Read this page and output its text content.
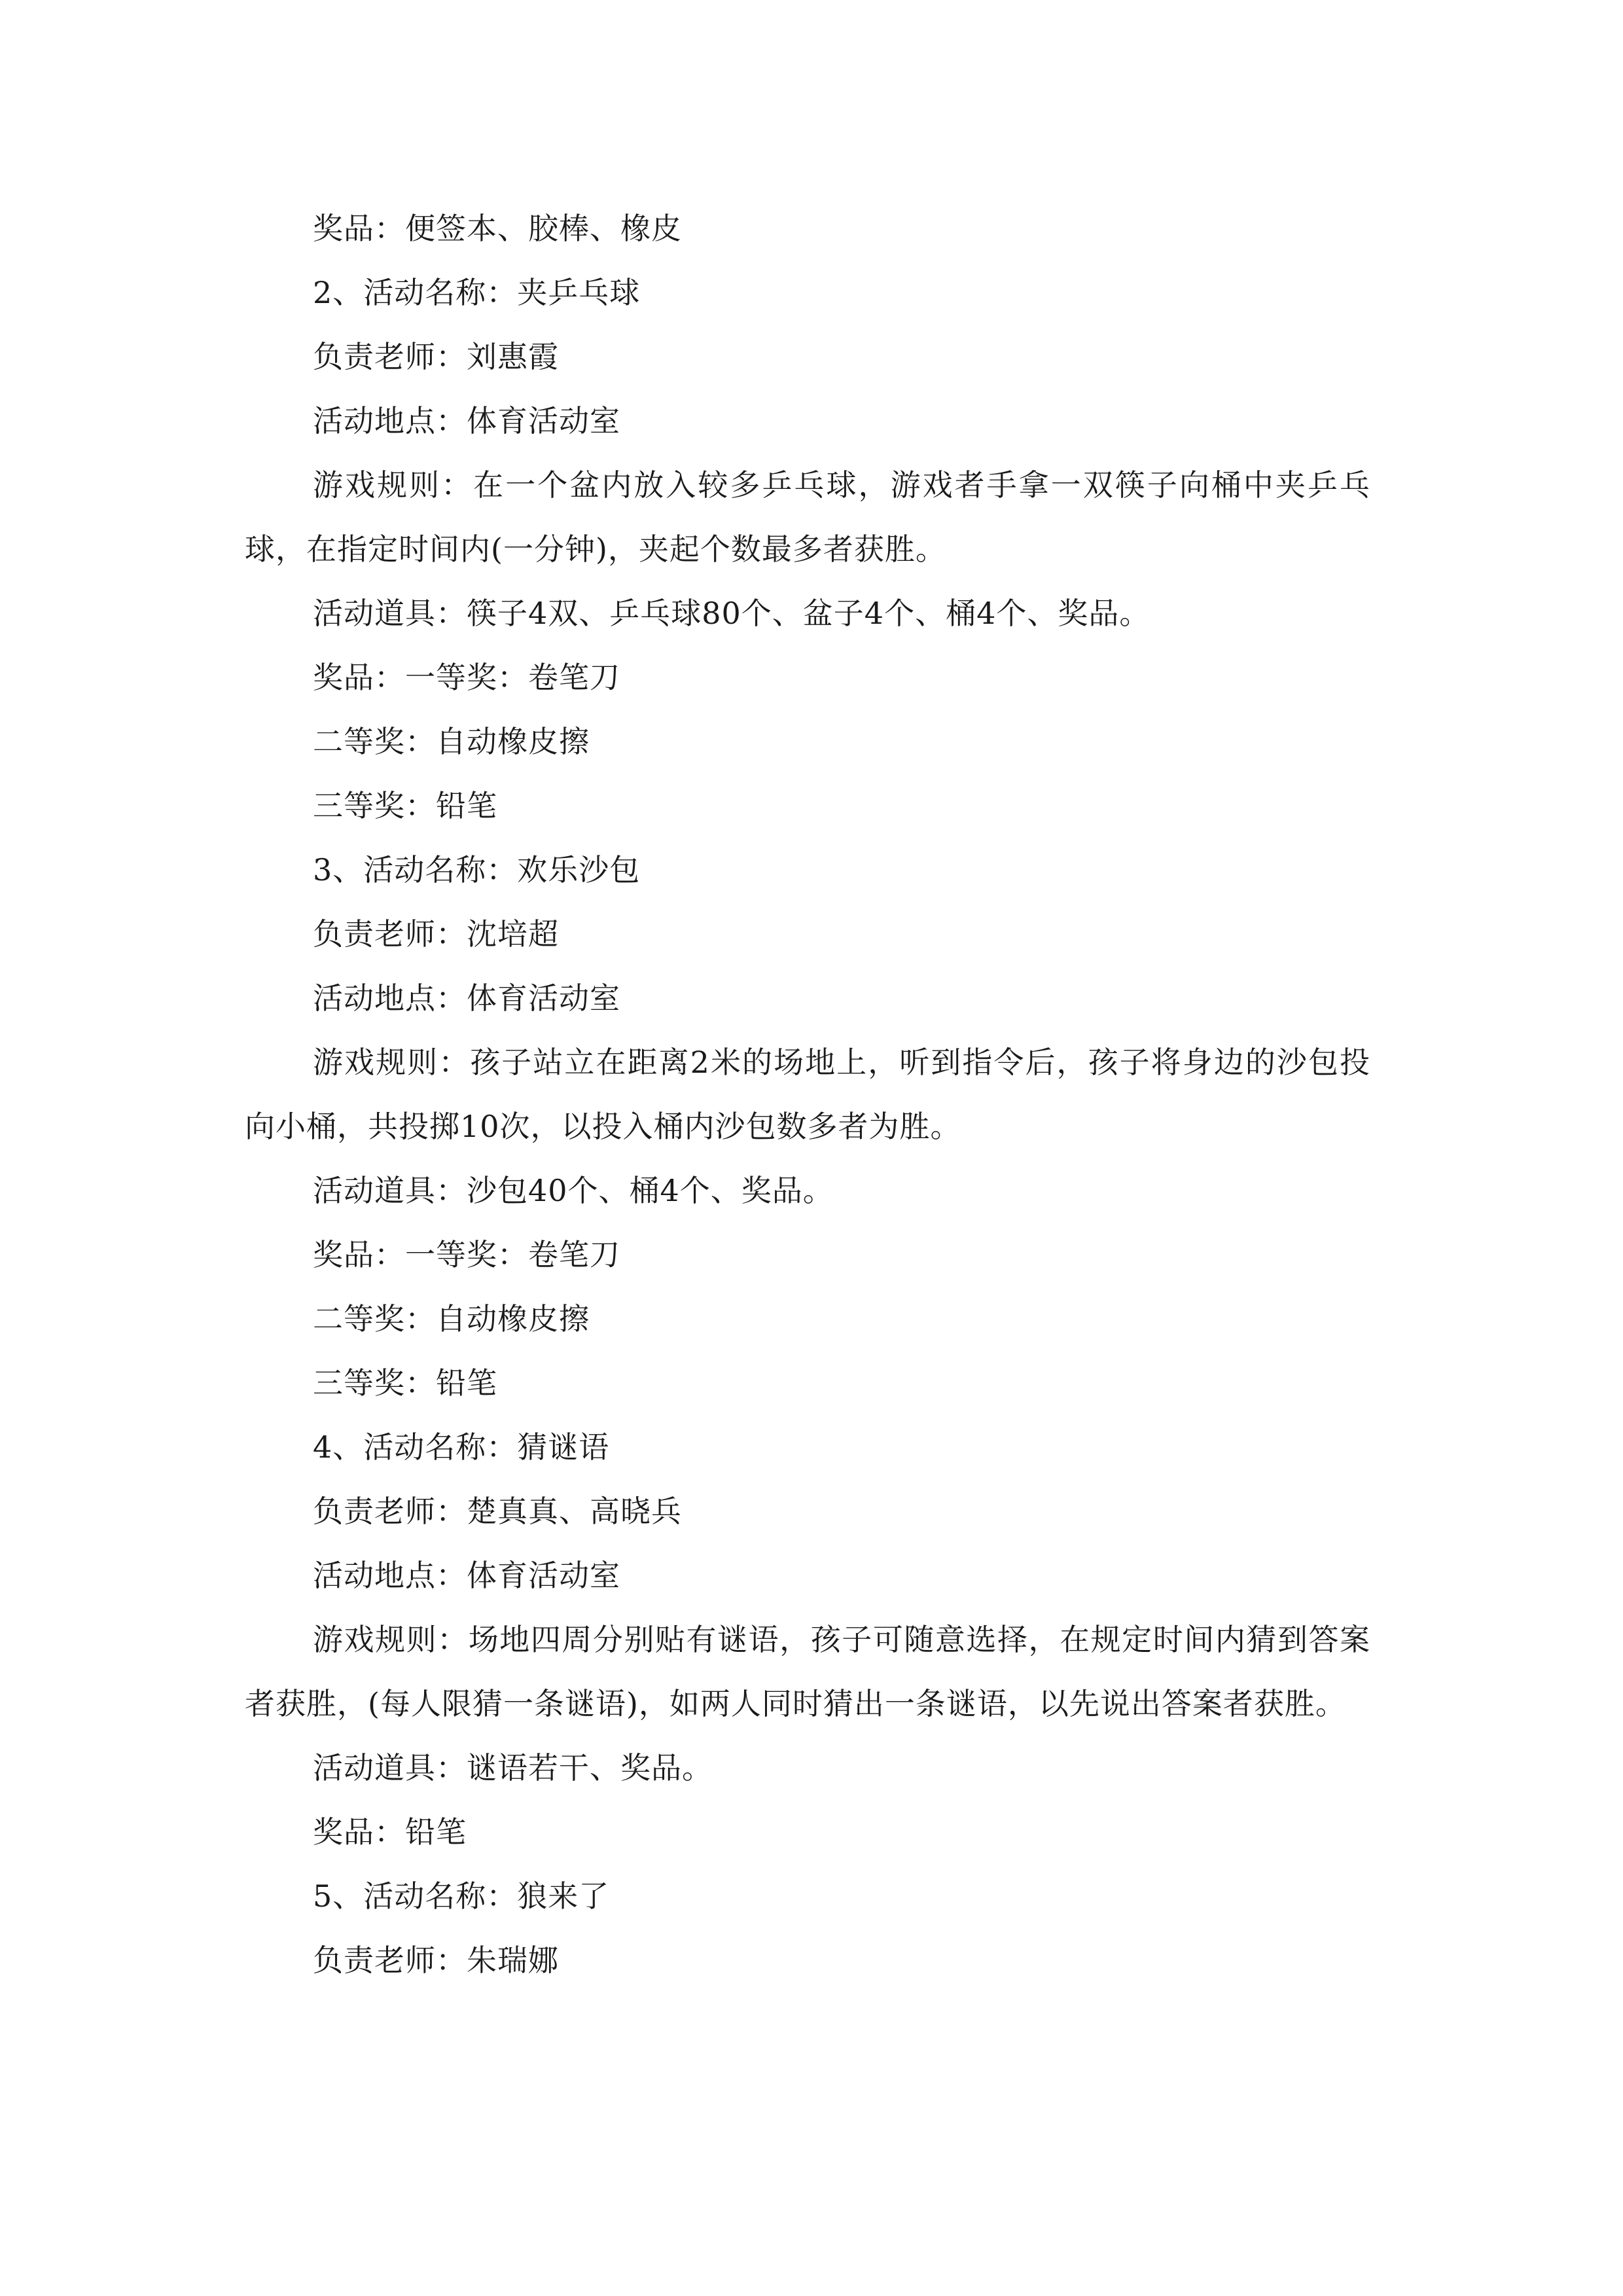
奖品：便签本、胶棒、橡皮

2、活动名称：夹乒乓球

负责老师：刘惠霞

活动地点：体育活动室

游戏规则：在一个盆内放入较多乒乓球，游戏者手拿一双筷子向桶中夹乒乓球，在指定时间内(一分钟)，夹起个数最多者获胜。

活动道具：筷子4双、乒乓球80个、盆子4个、桶4个、奖品。

奖品：一等奖：卷笔刀

二等奖：自动橡皮擦

三等奖：铅笔

3、活动名称：欢乐沙包

负责老师：沈培超

活动地点：体育活动室

游戏规则：孩子站立在距离2米的场地上，听到指令后，孩子将身边的沙包投向小桶，共投掷10次，以投入桶内沙包数多者为胜。

活动道具：沙包40个、桶4个、奖品。

奖品：一等奖：卷笔刀

二等奖：自动橡皮擦

三等奖：铅笔

4、活动名称：猜谜语

负责老师：楚真真、高晓兵

活动地点：体育活动室

游戏规则：场地四周分别贴有谜语，孩子可随意选择，在规定时间内猜到答案者获胜，(每人限猜一条谜语)，如两人同时猜出一条谜语，以先说出答案者获胜。

活动道具：谜语若干、奖品。

奖品：铅笔

5、活动名称：狼来了

负责老师：朱瑞娜
